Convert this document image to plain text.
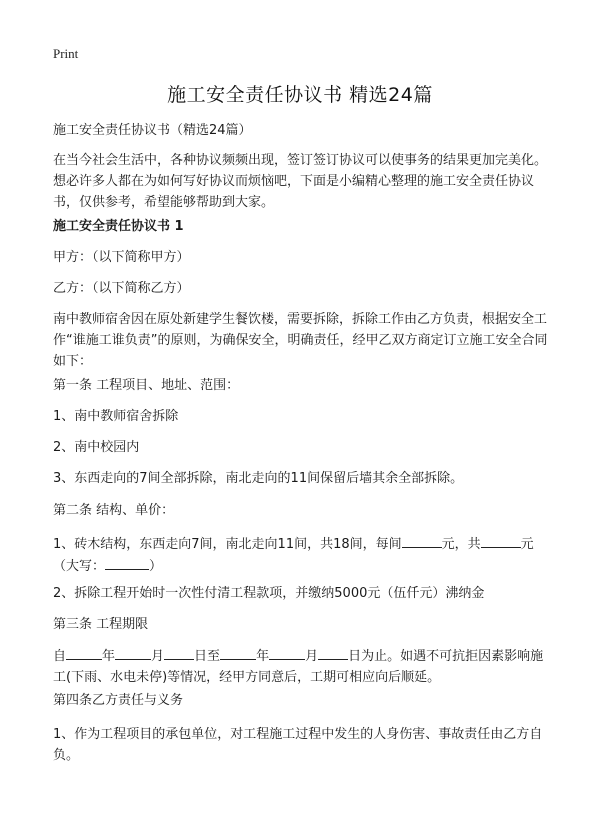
Print
施工安全责任协议书 精选24篇
施工安全责任协议书（精选24篇）
在当今社会生活中，各种协议频频出现，签订签订协议可以使事务的结果更加完美化。想必许多人都在为如何写好协议而烦恼吧，下面是小编精心整理的施工安全责任协议书，仅供参考，希望能够帮助到大家。
施工安全责任协议书 1
甲方：（以下简称甲方）
乙方：（以下简称乙方）
南中教师宿舍因在原处新建学生餐饮楼，需要拆除，拆除工作由乙方负责，根据安全工作“谁施工谁负责”的原则，为确保安全，明确责任，经甲乙双方商定订立施工安全合同如下：
第一条 工程项目、地址、范围：
1、南中教师宿舍拆除
2、南中校园内
3、东西走向的7间全部拆除，南北走向的11间保留后墙其余全部拆除。
第二条 结构、单价：
1、砖木结构，东西走向7间，南北走向11间，共18间，每间	元，共	元（大写：	）
2、拆除工程开始时一次性付清工程款项，并缴纳5000元（伍仟元）沸纳金
第三条 工程期限
自	年	月 日至	年	月 日为止。如遇不可抗拒因素影响施工(下雨、水电未停)等情况，经甲方同意后，工期可相应向后顺延。
第四条乙方责任与义务
1、作为工程项目的承包单位，对工程施工过程中发生的人身伤害、事故责任由乙方自负。
